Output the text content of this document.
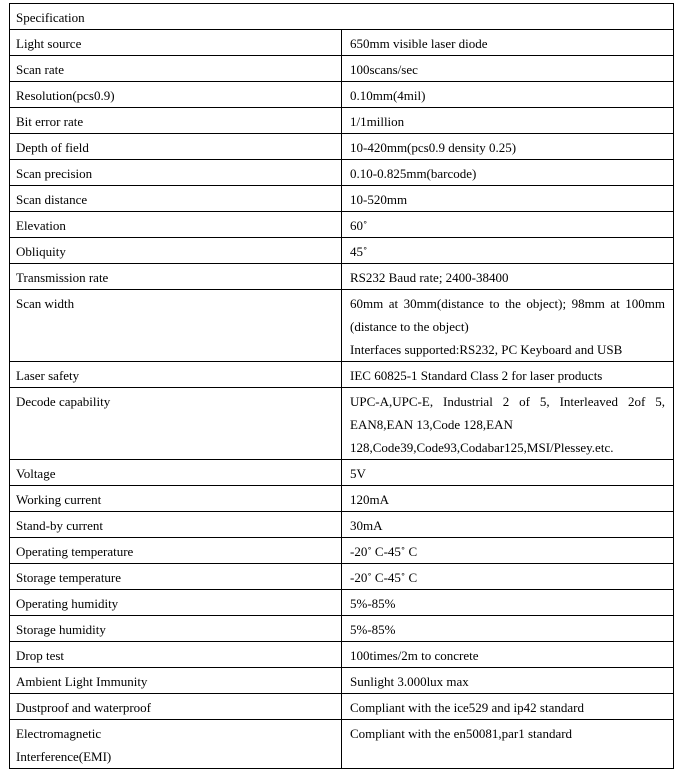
Specification	
Light source	650mm visible laser diode

Scan rate	100scans/sec

Resolution(pcs0.9)	0.10mm(4mil)

Bit error rate	1/1million

Depth of field	10-420mm(pcs0.9 density 0.25)

Scan precision	0.10-0.825mm(barcode)

Scan distance	10-520mm

Elevation	60˚

Obliquity	45˚

Transmission rate	RS232 Baud rate; 2400-38400

Scan width	60mm at 30mm(distance to the object); 98mm at 100mm (distance to the object)
Interfaces supported:RS232, PC Keyboard and USB

Laser safety	IEC 60825-1 Standard Class 2 for laser products

Decode capability	UPC-A,UPC-E, Industrial 2 of 5, Interleaved 2of 5, EAN8,EAN 13,Code 128,EAN
128,Code39,Code93,Codabar125,MSI/Plessey.etc.

Voltage	5V

Working current	120mA

Stand-by current	30mA

Operating temperature	-20˚ C-45˚ C

Storage temperature	-20˚ C-45˚ C

Operating humidity	5%-85%

Storage humidity	5%-85%

Drop test	100times/2m to concrete

Ambient Light Immunity	Sunlight 3.000lux max

Dustproof and waterproof	Compliant with the ice529 and ip42 standard

Electromagnetic
Interference(EMI)	Compliant with the en50081,par1 standard
